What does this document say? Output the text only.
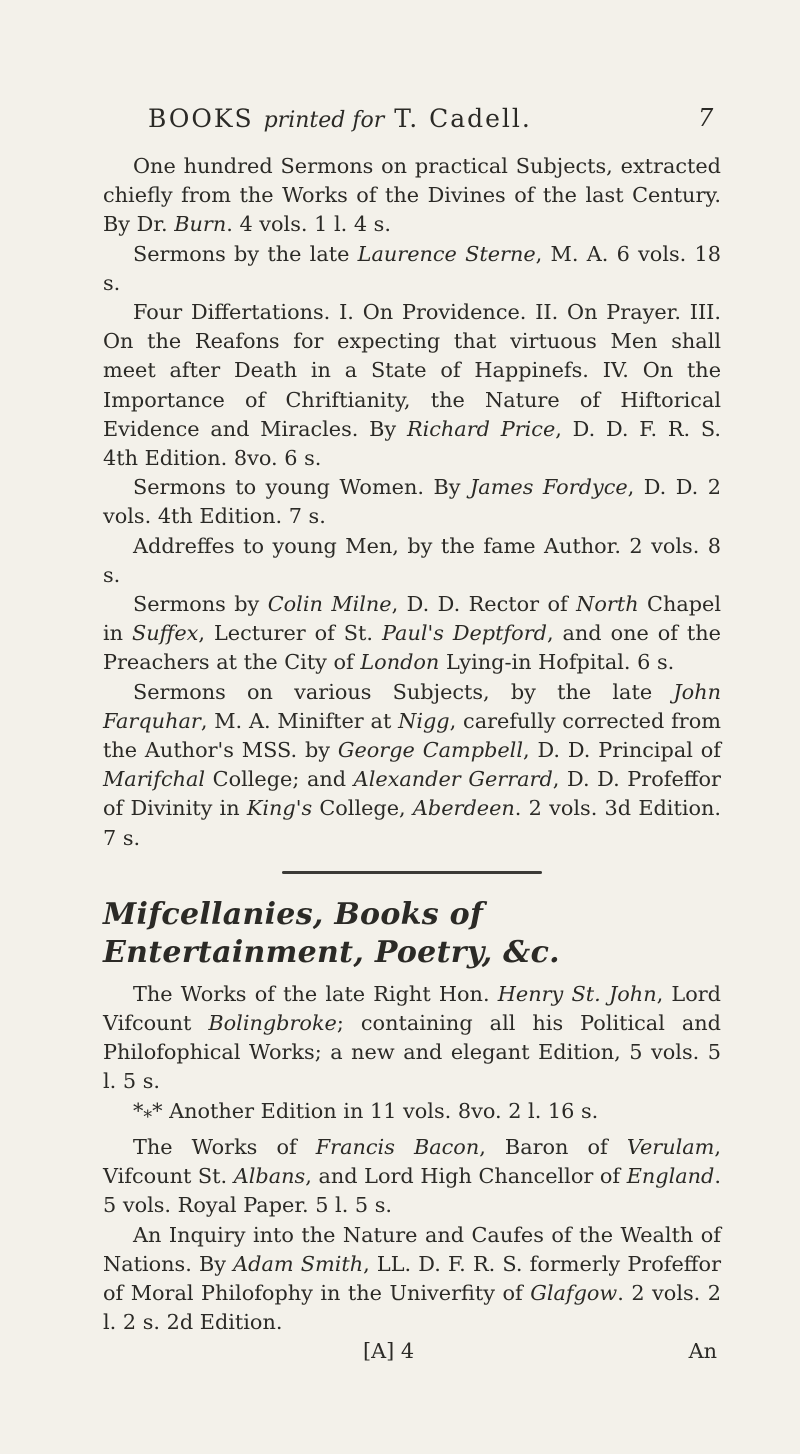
BOOKS printed for T. Cadell.	7

One hundred Sermons on practical Subjects, extracted chiefly from the Works of the Divines of the last Century. By Dr. Burn. 4 vols. 1 l. 4 s.

Sermons by the late Laurence Sterne, M. A. 6 vols. 18 s.

Four Differtations. I. On Providence. II. On Prayer. III. On the Reafons for expecting that virtuous Men shall meet after Death in a State of Happinefs. IV. On the Importance of Chriftianity, the Nature of Hiftorical Evidence and Miracles. By Richard Price, D. D. F. R. S. 4th Edition. 8vo. 6 s.

Sermons to young Women. By James Fordyce, D. D. 2 vols. 4th Edition. 7 s.

Addreffes to young Men, by the fame Author. 2 vols. 8 s.

Sermons by Colin Milne, D. D. Rector of North Chapel in Suffex, Lecturer of St. Paul's Deptford, and one of the Preachers at the City of London Lying-in Hofpital. 6 s.

Sermons on various Subjects, by the late John Farquhar, M. A. Minifter at Nigg, carefully corrected from the Author's MSS. by George Campbell, D. D. Principal of Marifchal College; and Alexander Gerrard, D. D. Profeffor of Divinity in King's College, Aberdeen. 2 vols. 3d Edition. 7 s.

Mifcellanies, Books of Entertainment, Poetry, &c.

The Works of the late Right Hon. Henry St. John, Lord Vifcount Bolingbroke; containing all his Political and Philofophical Works; a new and elegant Edition, 5 vols. 5 l. 5 s.

$*_**$ Another Edition in 11 vols. 8vo. 2 l. 16 s.

The Works of Francis Bacon, Baron of Verulam, Vifcount St. Albans, and Lord High Chancellor of England. 5 vols. Royal Paper. 5 l. 5 s.

An Inquiry into the Nature and Caufes of the Wealth of Nations. By Adam Smith, LL. D. F. R. S. formerly Profeffor of Moral Philofophy in the Univerfity of Glafgow. 2 vols. 2 l. 2 s. 2d Edition.

[A] 4	An
